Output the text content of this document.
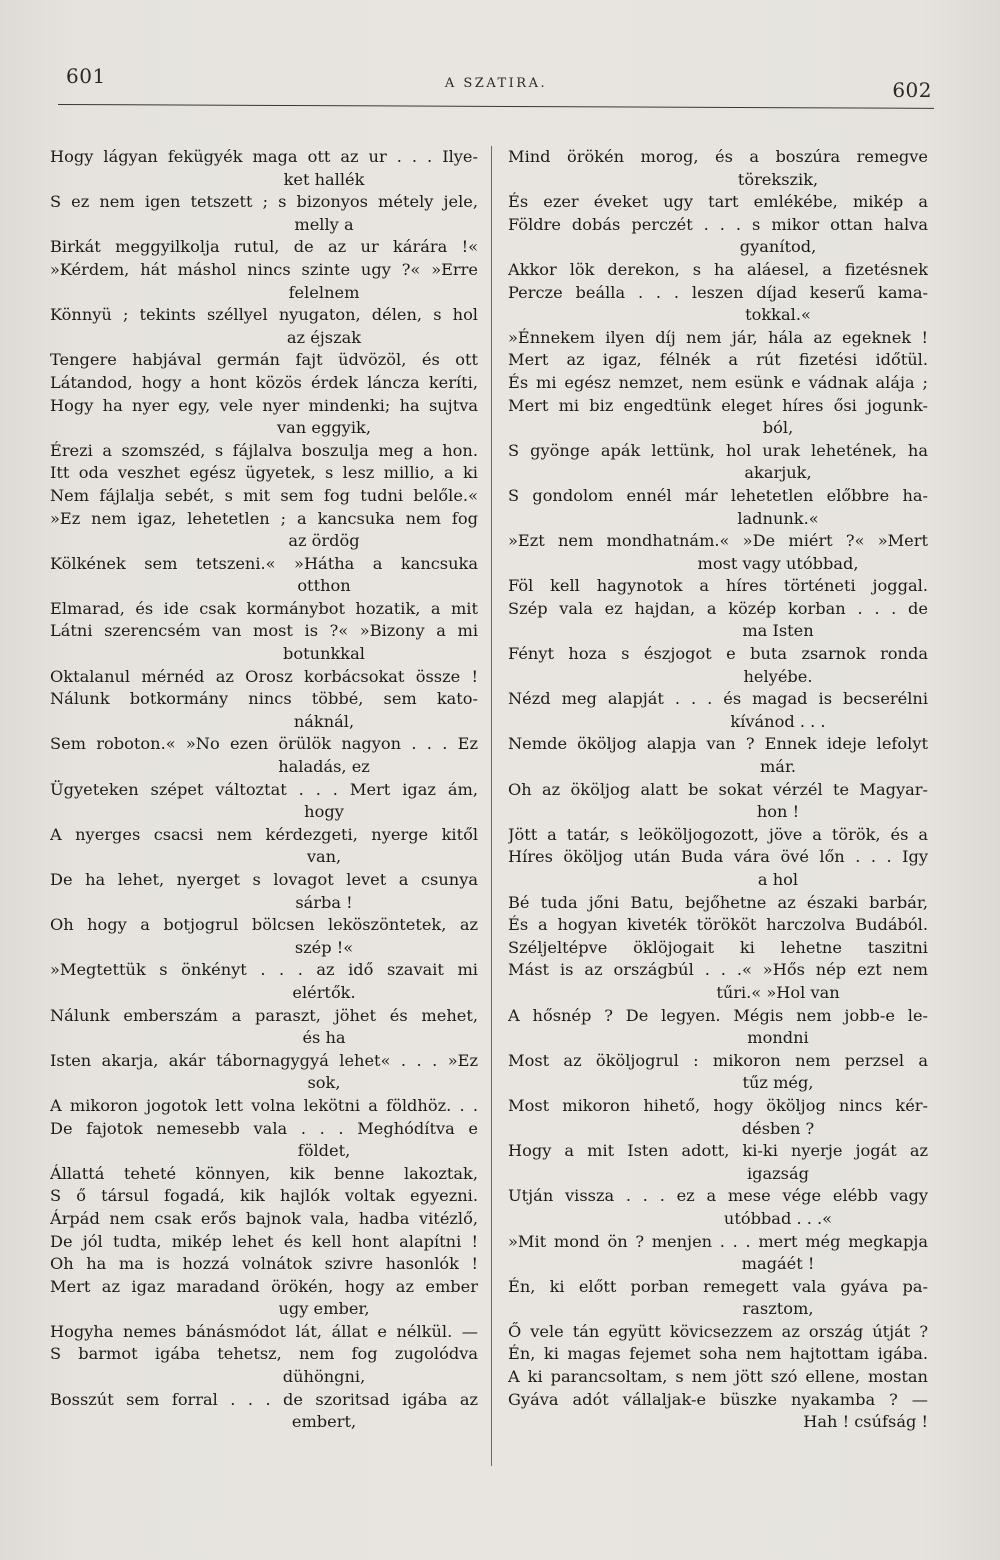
601	A SZATIRA.	602
Hogy lágyan fekügyék maga ott az ur . . . Ilye-
ket hallék
S ez nem igen tetszett ; s bizonyos métely jele,
melly a
Birkát meggyilkolja rutul, de az ur kárára !«
»Kérdem, hát máshol nincs szinte ugy ?« »Erre
felelnem
Könnyü ; tekints széllyel nyugaton, délen, s hol
az éjszak
Tengere habjával germán fajt üdvözöl, és ott
Látandod, hogy a hont közös érdek láncza keríti,
Hogy ha nyer egy, vele nyer mindenki; ha sujtva
van eggyik,
Érezi a szomszéd, s fájlalva boszulja meg a hon.
Itt oda veszhet egész ügyetek, s lesz millio, a ki
Nem fájlalja sebét, s mit sem fog tudni belőle.«
»Ez nem igaz, lehetetlen ; a kancsuka nem fog
az ördög
Kölkének sem tetszeni.« »Hátha a kancsuka
otthon
Elmarad, és ide csak kormánybot hozatik, a mit
Látni szerencsém van most is ?« »Bizony a mi
botunkkal
Oktalanul mérnéd az Orosz korbácsokat össze !
Nálunk botkormány nincs többé, sem kato-
náknál,
Sem roboton.« »No ezen örülök nagyon . . . Ez
haladás, ez
Ügyeteken szépet változtat . . . Mert igaz ám,
hogy
A nyerges csacsi nem kérdezgeti, nyerge kitől
van,
De ha lehet, nyerget s lovagot levet a csunya
sárba !
Oh hogy a botjogrul bölcsen leköszöntetek, az
szép !«
»Megtettük s önkényt . . . az idő szavait mi
elértők.
Nálunk emberszám a paraszt, jöhet és mehet,
és ha
Isten akarja, akár tábornagygyá lehet« . . . »Ez
sok,
A mikoron jogotok lett volna lekötni a földhöz. . .
De fajotok nemesebb vala . . . Meghódítva e
földet,
Állattá teheté könnyen, kik benne lakoztak,
S ő társul fogadá, kik hajlók voltak egyezni.
Árpád nem csak erős bajnok vala, hadba vitézlő,
De jól tudta, mikép lehet és kell hont alapítni !
Oh ha ma is hozzá volnátok szivre hasonlók !
Mert az igaz maradand örökén, hogy az ember
ugy ember,
Hogyha nemes bánásmódot lát, állat e nélkül. —
S barmot igába tehetsz, nem fog zugolódva
dühöngni,
Bosszút sem forral . . . de szoritsad igába az
embert,
Mind örökén morog, és a boszúra remegve
törekszik,
És ezer éveket ugy tart emlékébe, mikép a
Földre dobás perczét . . . s mikor ottan halva
gyanítod,
Akkor lök derekon, s ha aláesel, a fizetésnek
Percze beálla . . . leszen díjad keserű kama-
tokkal.«
»Énnekem ilyen díj nem jár, hála az egeknek !
Mert az igaz, félnék a rút fizetési időtül.
És mi egész nemzet, nem esünk e vádnak alája ;
Mert mi biz engedtünk eleget híres ősi jogunk-
ból,
S gyönge apák lettünk, hol urak lehetének, ha
akarjuk,
S gondolom ennél már lehetetlen előbbre ha-
ladnunk.«
»Ezt nem mondhatnám.« »De miért ?« »Mert
most vagy utóbbad,
Föl kell hagynotok a híres történeti joggal.
Szép vala ez hajdan, a közép korban . . . de
ma Isten
Fényt hoza s észjogot e buta zsarnok ronda
helyébe.
Nézd meg alapját . . . és magad is becserélni
kívánod . . .
Nemde ököljog alapja van ? Ennek ideje lefolyt
már.
Oh az ököljog alatt be sokat vérzél te Magyar-
hon !
Jött a tatár, s leököljogozott, jöve a török, és a
Híres ököljog után Buda vára övé lőn . . . Igy
a hol
Bé tuda jőni Batu, bejőhetne az északi barbár,
És a hogyan kiveték törököt harczolva Budából.
Széljeltépve öklöjogait ki lehetne taszitni
Mást is az országbúl . . .« »Hős nép ezt nem
tűri.« »Hol van
A hősnép ? De legyen. Mégis nem jobb-e le-
mondni
Most az ököljogrul : mikoron nem perzsel a
tűz még,
Most mikoron hihető, hogy ököljog nincs kér-
désben ?
Hogy a mit Isten adott, ki-ki nyerje jogát az
igazság
Utján vissza . . . ez a mese vége elébb vagy
utóbbad . . .«
»Mit mond ön ? menjen . . . mert még megkapja
magáét !
Én, ki előtt porban remegett vala gyáva pa-
rasztom,
Ő vele tán együtt kövicsezzem az ország útját ?
Én, ki magas fejemet soha nem hajtottam igába.
A ki parancsoltam, s nem jött szó ellene, mostan
Gyáva adót vállaljak-e büszke nyakamba ? —
Hah ! csúfság !
